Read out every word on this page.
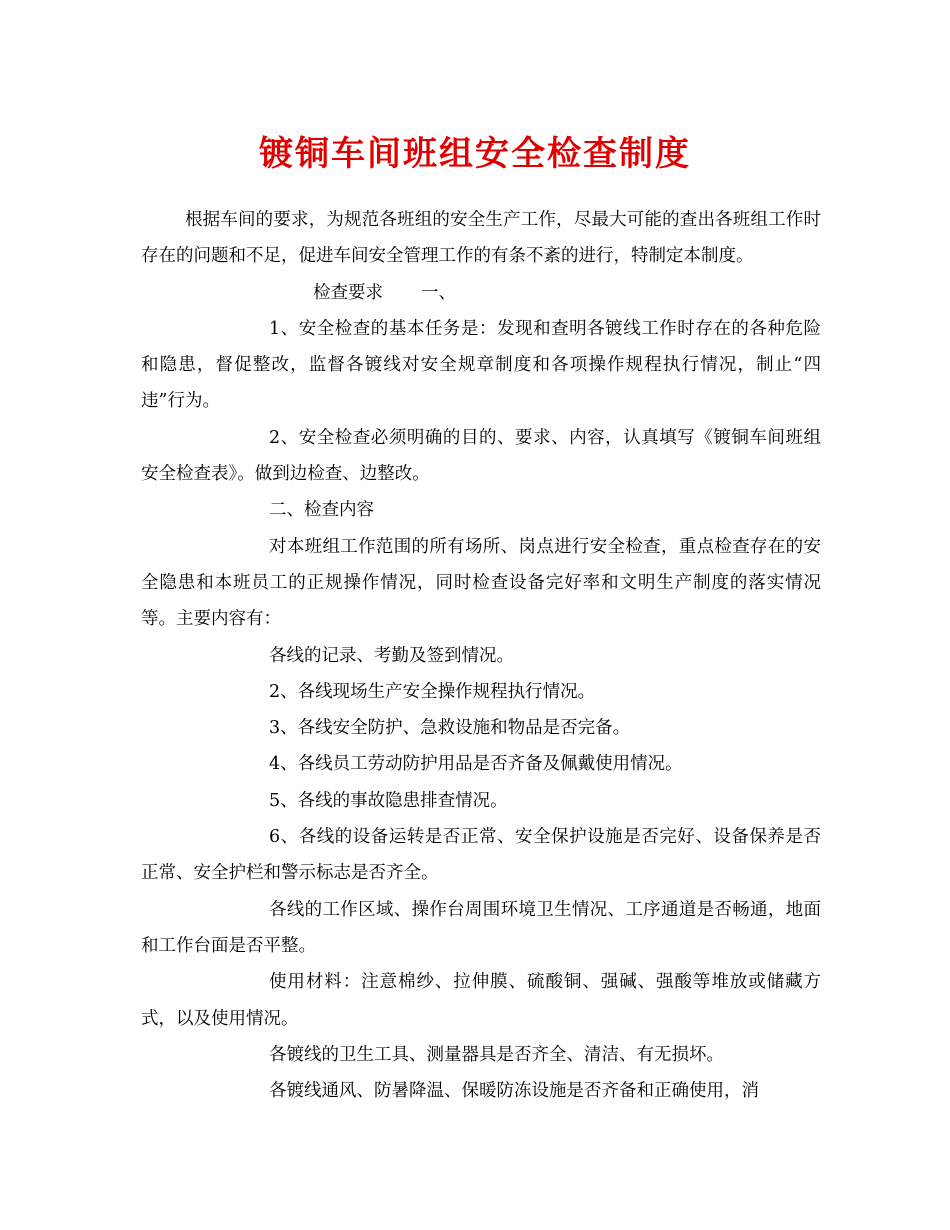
镀铜车间班组安全检查制度

根据车间的要求，为规范各班组的安全生产工作，尽最大可能的查出各班组工作时存在的问题和不足，促进车间安全管理工作的有条不紊的进行，特制定本制度。

一、检查要求

1、安全检查的基本任务是：发现和查明各镀线工作时存在的各种危险和隐患，督促整改，监督各镀线对安全规章制度和各项操作规程执行情况，制止“四违”行为。

2、安全检查必须明确的目的、要求、内容，认真填写《镀铜车间班组安全检查表》。做到边检查、边整改。

二、检查内容

对本班组工作范围的所有场所、岗点进行安全检查，重点检查存在的安全隐患和本班员工的正规操作情况，同时检查设备完好率和文明生产制度的落实情况等。主要内容有：

各线的记录、考勤及签到情况。

2、各线现场生产安全操作规程执行情况。

3、各线安全防护、急救设施和物品是否完备。

4、各线员工劳动防护用品是否齐备及佩戴使用情况。

5、各线的事故隐患排查情况。

6、各线的设备运转是否正常、安全保护设施是否完好、设备保养是否正常、安全护栏和警示标志是否齐全。

各线的工作区域、操作台周围环境卫生情况、工序通道是否畅通，地面和工作台面是否平整。

使用材料：注意棉纱、拉伸膜、硫酸铜、强碱、强酸等堆放或储藏方式，以及使用情况。

各镀线的卫生工具、测量器具是否齐全、清洁、有无损坏。

各镀线通风、防暑降温、保暖防冻设施是否齐备和正确使用，消
